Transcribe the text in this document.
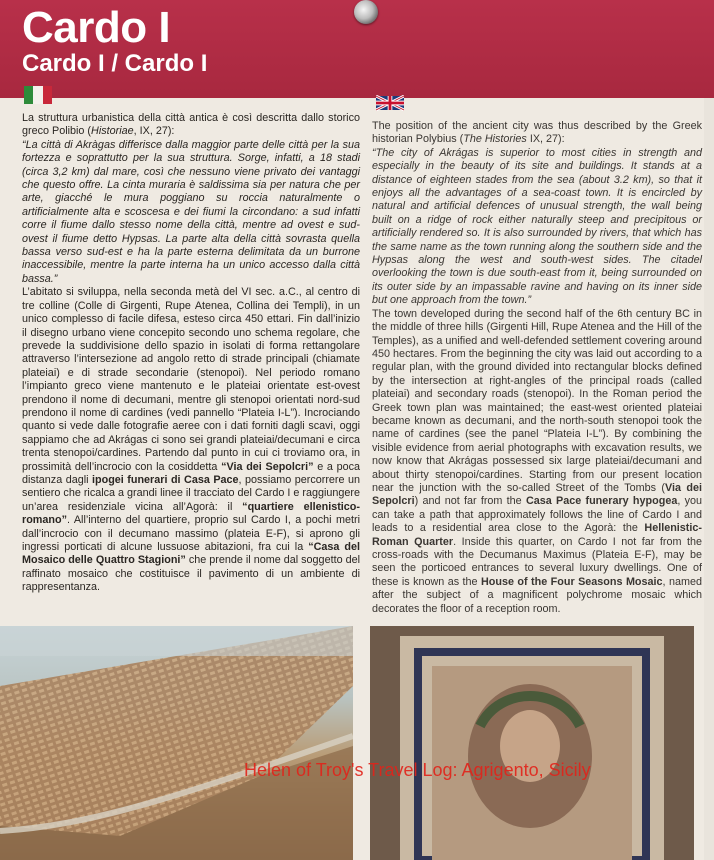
Cardo I
Cardo I / Cardo I

La struttura urbanistica della città antica è così descritta dallo storico greco Polibio (Historiae, IX, 27):

“La città di Akràgas differisce dalla maggior parte delle città per la sua fortezza e soprattutto per la sua struttura. Sorge, infatti, a 18 stadi (circa 3,2 km) dal mare, così che nessuno viene privato dei vantaggi che questo offre. La cinta muraria è saldissima sia per natura che per arte, giacché le mura poggiano su roccia naturalmente o artificialmente alta e scoscesa e dei fiumi la circondano: a sud infatti corre il fiume dallo stesso nome della città, mentre ad ovest e sud-ovest il fiume detto Hypsas. La parte alta della città sovrasta quella bassa verso sud-est e ha la parte esterna delimitata da un burrone inaccessibile, mentre la parte interna ha un unico accesso dalla città bassa.”

L’abitato si sviluppa, nella seconda metà del VI sec. a.C., al centro di tre colline (Colle di Girgenti, Rupe Atenea, Collina dei Templi), in un unico complesso di facile difesa, esteso circa 450 ettari. Fin dall’inizio il disegno urbano viene concepito secondo uno schema regolare, che prevede la suddivisione dello spazio in isolati di forma rettangolare attraverso l’intersezione ad angolo retto di strade principali (chiamate plateiai) e di strade secondarie (stenopoi). Nel periodo romano l’impianto greco viene mantenuto e le plateiai orientate est-ovest prendono il nome di decumani, mentre gli stenopoi orientati nord-sud prendono il nome di cardines (vedi pannello “Plateia I-L”). Incrociando quanto si vede dalle fotografie aeree con i dati forniti dagli scavi, oggi sappiamo che ad Akrágas ci sono sei grandi plateiai/decumani e circa trenta stenopoi/cardines. Partendo dal punto in cui ci troviamo ora, in prossimità dell’incrocio con la cosiddetta “Via dei Sepolcri” e a poca distanza dagli ipogei funerari di Casa Pace, possiamo percorrere un sentiero che ricalca a grandi linee il tracciato del Cardo I e raggiungere un’area residenziale vicina all’Agorà: il “quartiere ellenistico-romano”. All’interno del quartiere, proprio sul Cardo I, a pochi metri dall’incrocio con il decumano massimo (plateia E-F), si aprono gli ingressi porticati di alcune lussuose abitazioni, fra cui la “Casa del Mosaico delle Quattro Stagioni” che prende il nome dal soggetto del raffinato mosaico che costituisce il pavimento di un ambiente di rappresentanza.

The position of the ancient city was thus described by the Greek historian Polybius (The Histories IX, 27):

“The city of Akrágas is superior to most cities in strength and especially in the beauty of its site and buildings. It stands at a distance of eighteen stades from the sea (about 3.2 km), so that it enjoys all the advantages of a sea-coast town. It is encircled by natural and artificial defences of unusual strength, the wall being built on a ridge of rock either naturally steep and precipitous or artificially rendered so. It is also surrounded by rivers, that which has the same name as the town running along the southern side and the Hypsas along the west and south-west sides. The citadel overlooking the town is due south-east from it, being surrounded on its outer side by an impassable ravine and having on its inner side but one approach from the town.”

The town developed during the second half of the 6th century BC in the middle of three hills (Girgenti Hill, Rupe Atenea and the Hill of the Temples), as a unified and well-defended settlement covering around 450 hectares. From the beginning the city was laid out according to a regular plan, with the ground divided into rectangular blocks defined by the intersection at right-angles of the principal roads (called plateiai) and secondary roads (stenopoi). In the Roman period the Greek town plan was maintained; the east-west oriented plateiai became known as decumani, and the north-south stenopoi took the name of cardines (see the panel “Plateia I-L”). By combining the visible evidence from aerial photographs with excavation results, we now know that Akrágas possessed six large plateiai/decumani and about thirty stenopoi/cardines. Starting from our present location near the junction with the so-called Street of the Tombs (Via dei Sepolcri) and not far from the Casa Pace funerary hypogea, you can take a path that approximately follows the line of Cardo I and leads to a residential area close to the Agorà: the Hellenistic-Roman Quarter. Inside this quarter, on Cardo I not far from the cross-roads with the Decumanus Maximus (Plateia E-F), may be seen the porticoed entrances to several luxury dwellings. One of these is known as the House of the Four Seasons Mosaic, named after the subject of a magnificent polychrome mosaic which decorates the floor of a reception room.

Helen of Troy's Travel Log: Agrigento, Sicily
